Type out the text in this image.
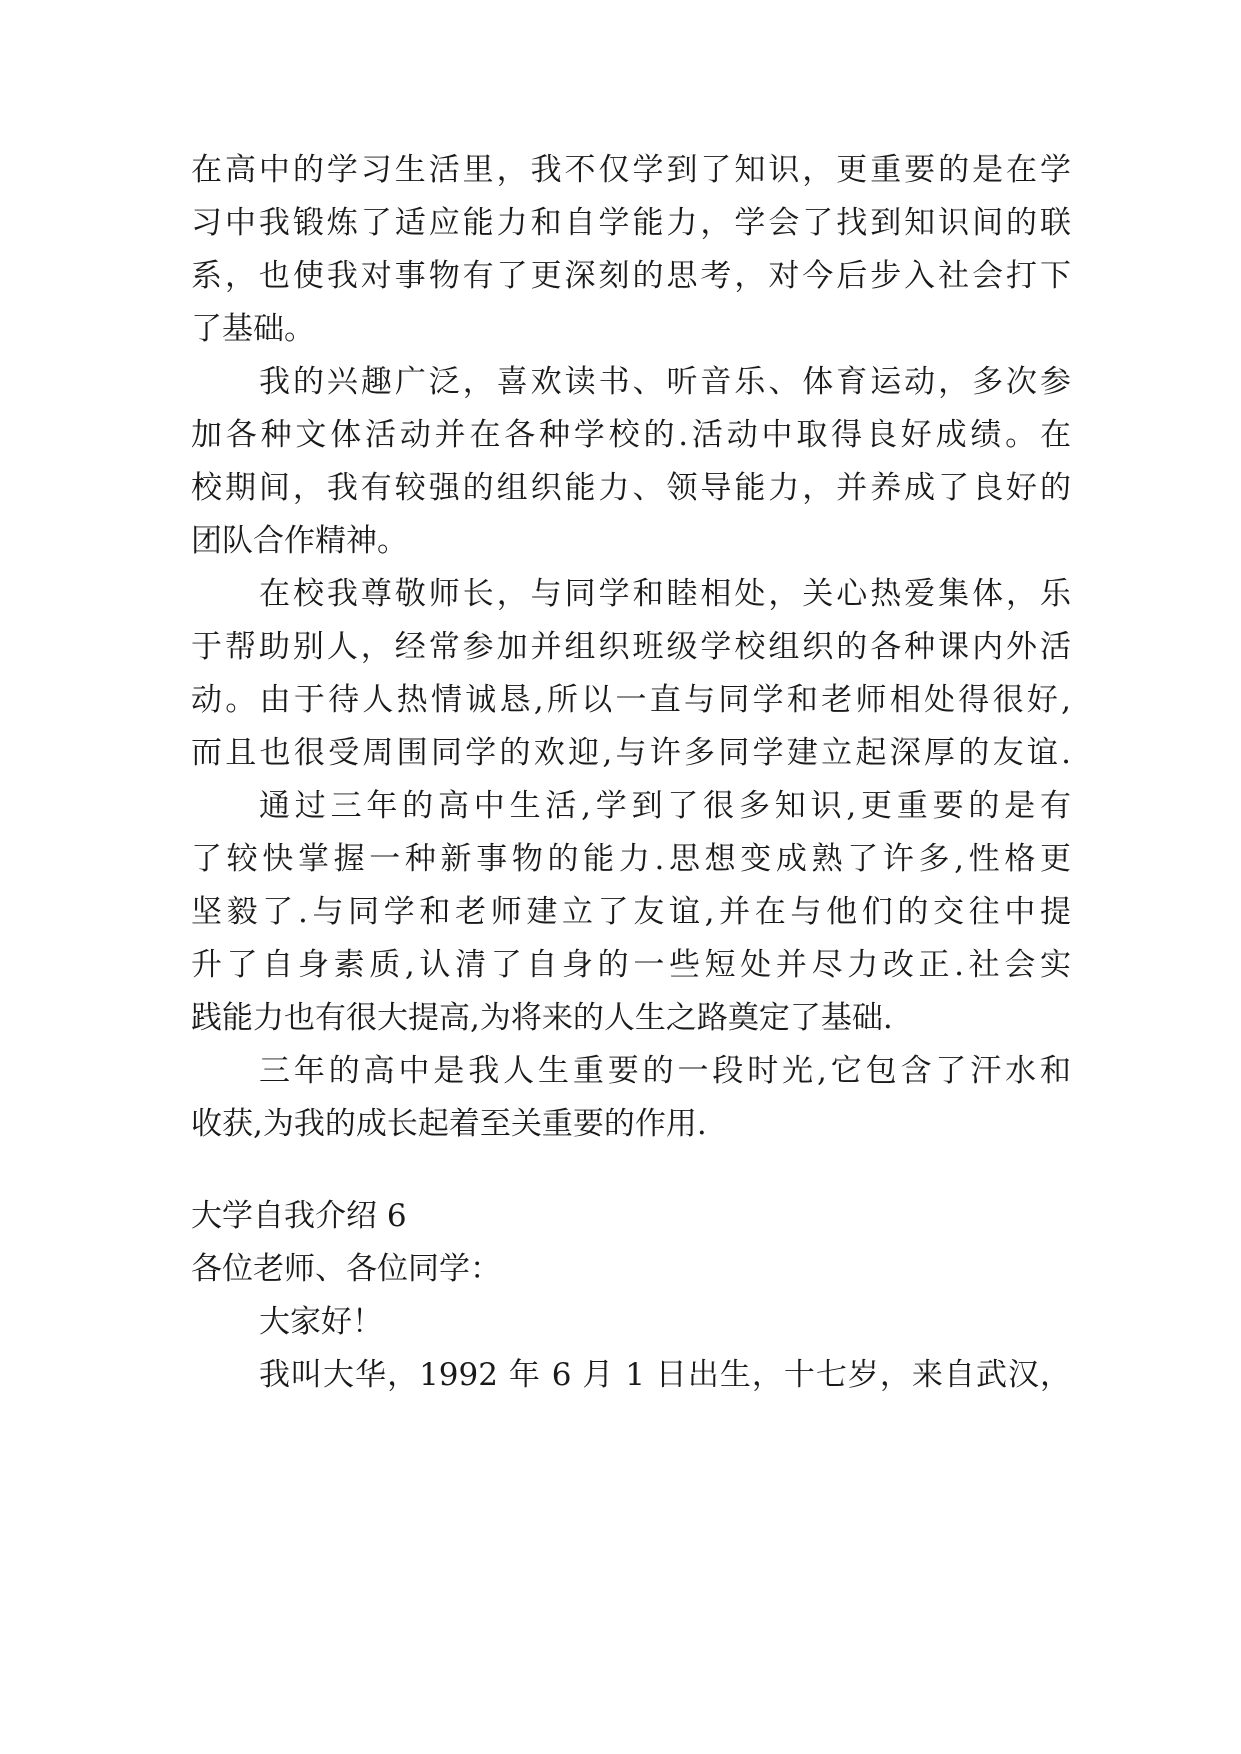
在高中的学习生活里，我不仅学到了知识，更重要的是在学
习中我锻炼了适应能力和自学能力，学会了找到知识间的联
系，也使我对事物有了更深刻的思考，对今后步入社会打下
了基础。
我的兴趣广泛，喜欢读书、听音乐、体育运动，多次参
加各种文体活动并在各种学校的.活动中取得良好成绩。在
校期间，我有较强的组织能力、领导能力，并养成了良好的
团队合作精神。
在校我尊敬师长，与同学和睦相处，关心热爱集体，乐
于帮助别人，经常参加并组织班级学校组织的各种课内外活
动。由于待人热情诚恳,所以一直与同学和老师相处得很好,
而且也很受周围同学的欢迎,与许多同学建立起深厚的友谊.
通过三年的高中生活,学到了很多知识,更重要的是有
了较快掌握一种新事物的能力.思想变成熟了许多,性格更
坚毅了.与同学和老师建立了友谊,并在与他们的交往中提
升了自身素质,认清了自身的一些短处并尽力改正.社会实
践能力也有很大提高,为将来的人生之路奠定了基础.
三年的高中是我人生重要的一段时光,它包含了汗水和
收获,为我的成长起着至关重要的作用.
大学自我介绍 6
各位老师、各位同学：
大家好！
我叫大华，1992 年 6 月 1 日出生，十七岁，来自武汉，
